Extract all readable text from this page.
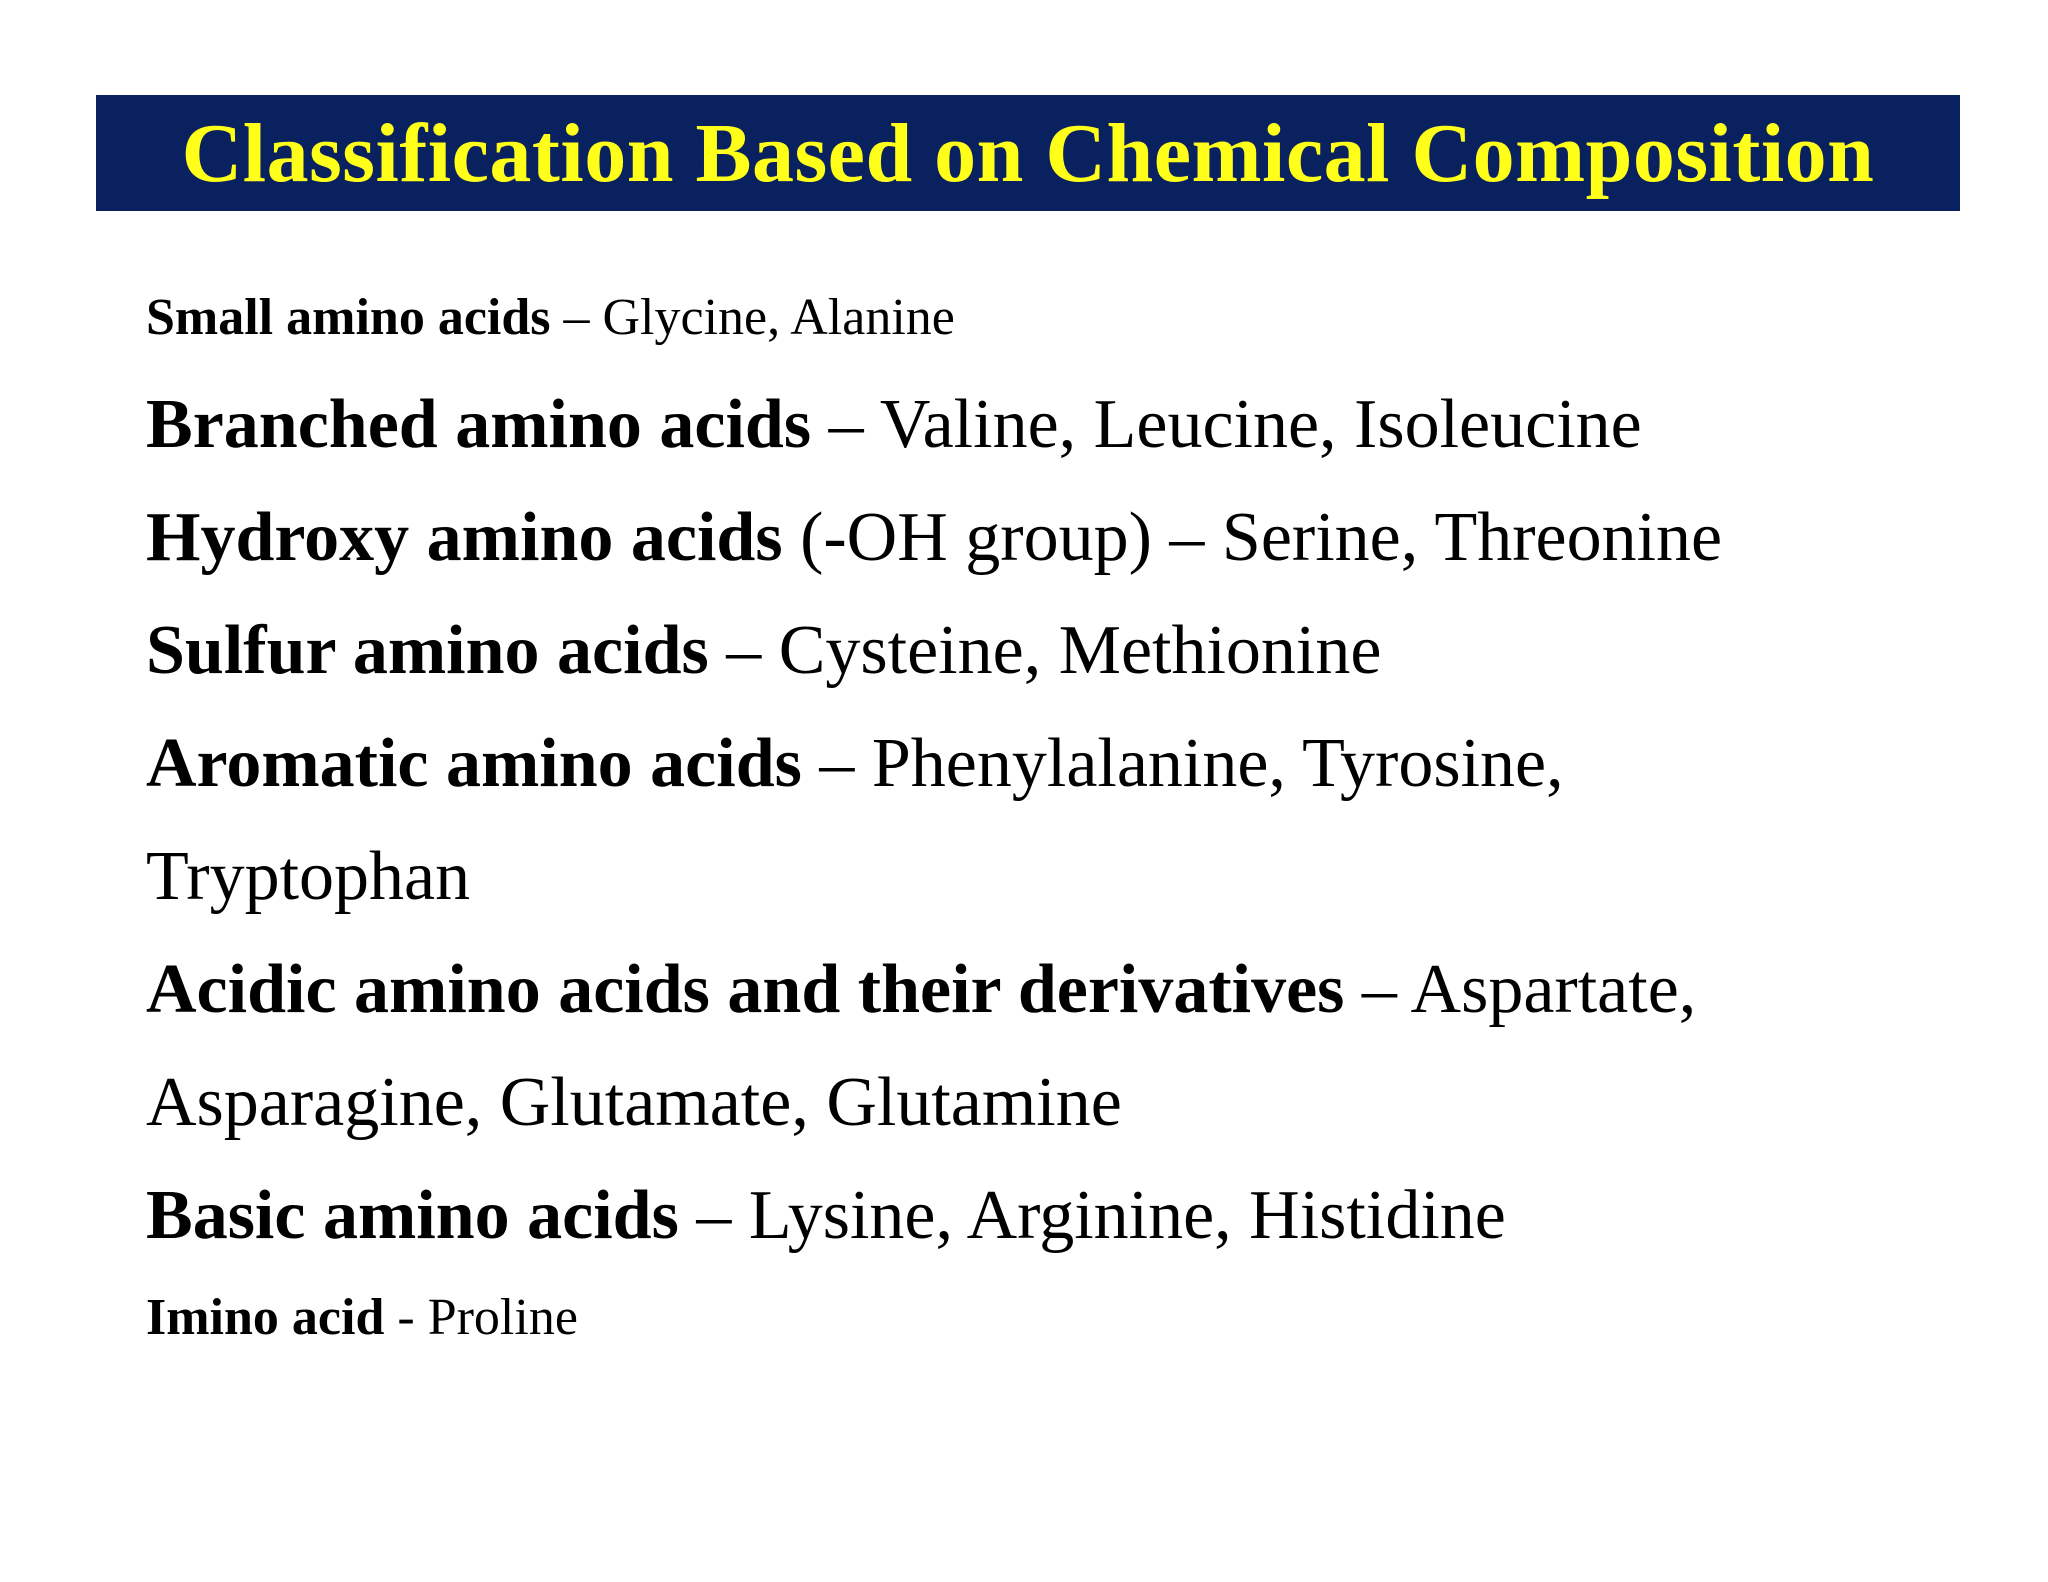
Classification Based on Chemical Composition
Small amino acids – Glycine, Alanine
Branched amino acids – Valine, Leucine, Isoleucine
Hydroxy amino acids (-OH group) – Serine, Threonine
Sulfur amino acids – Cysteine, Methionine
Aromatic amino acids – Phenylalanine, Tyrosine,
Tryptophan
Acidic amino acids and their derivatives – Aspartate,
Asparagine, Glutamate, Glutamine
Basic amino acids – Lysine, Arginine, Histidine
Imino acid - Proline
